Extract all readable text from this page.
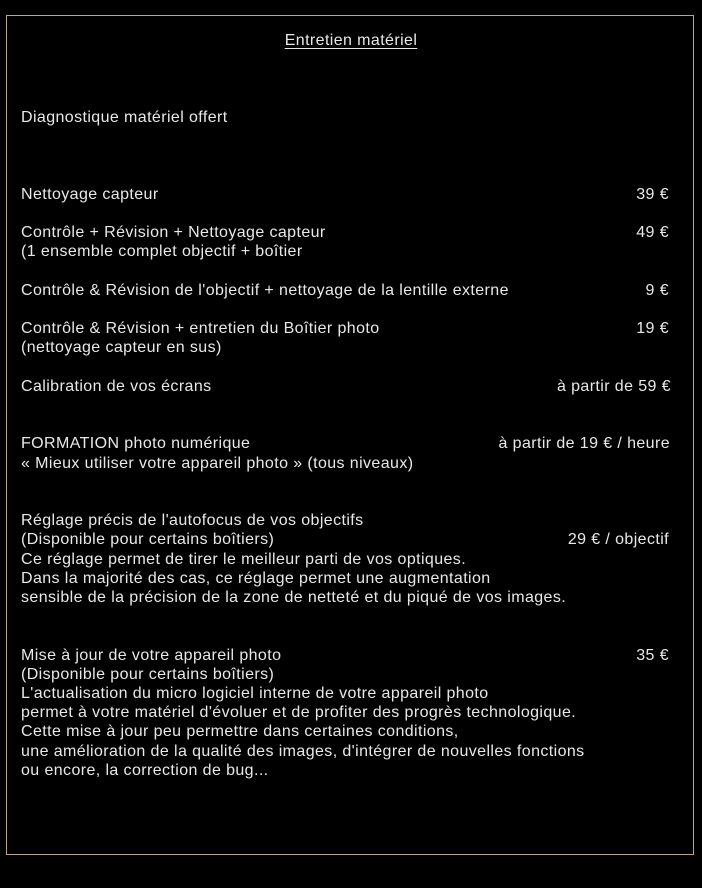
Entretien matériel
Diagnostique matériel offert
Nettoyage capteur	39 €
Contrôle + Révision + Nettoyage capteur	49 €
(1 ensemble complet objectif + boîtier
Contrôle & Révision de l'objectif + nettoyage de la lentille externe	9 €
Contrôle & Révision + entretien du Boîtier photo	19 €
(nettoyage capteur en sus)
Calibration de vos écrans	à partir de 59 €
FORMATION photo numérique	à partir de 19 € / heure
« Mieux utiliser votre appareil photo » (tous niveaux)
Réglage précis de l'autofocus de vos objectifs
(Disponible pour certains boîtiers)	29 € / objectif
Ce réglage permet de tirer le meilleur parti de vos optiques.
Dans la majorité des cas, ce réglage permet une augmentation
sensible de la précision de la zone de netteté et du piqué de vos images.
Mise à jour de votre appareil photo	35 €
(Disponible pour certains boîtiers)
L'actualisation du micro logiciel interne de votre appareil photo
permet à votre matériel d'évoluer et de profiter des progrès technologique.
Cette mise à jour peu permettre dans certaines conditions,
une amélioration de la qualité des images, d'intégrer de nouvelles fonctions
ou encore, la correction de bug...
